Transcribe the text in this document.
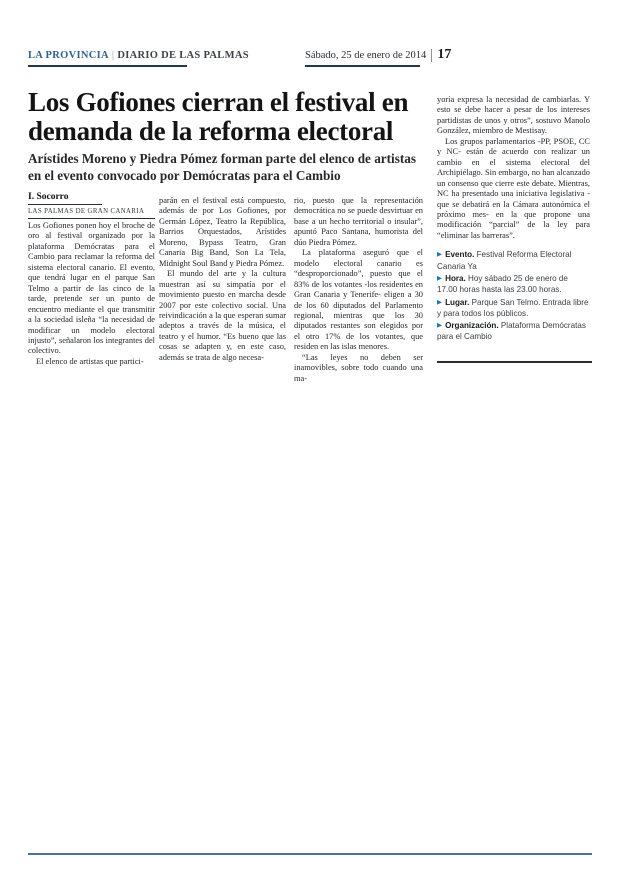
LA PROVINCIA | DIARIO DE LAS PALMAS	Sábado, 25 de enero de 2014 17
Los Gofiones cierran el festival en
demanda de la reforma electoral
Arístides Moreno y Piedra Pómez forman parte del elenco de artistas
en el evento convocado por Demócratas para el Cambio
I. Socorro
LAS PALMAS DE GRAN CANARIA

Los Gofiones ponen hoy el broche de oro al festival organizado por la plataforma Demócratas para el Cambio para reclamar la reforma del sistema electoral canario. El evento, que tendrá lugar en el parque San Telmo a partir de las cinco de la tarde, pretende ser un punto de encuentro mediante el que transmitir a la sociedad isleña “la necesidad de modificar un modelo electoral injusto”, señalaron los integrantes del colectivo.

El elenco de artistas que partici-

parán en el festival está compuesto, además de por Los Gofiones, por Germán López, Teatro la República, Barrios Orquestados, Arístides Moreno, Bypass Teatro, Gran Canaria Big Band, Son La Tela, Midnight Soul Band y Piedra Pómez.

El mundo del arte y la cultura muestran así su simpatía por el movimiento puesto en marcha desde 2007 por este colectivo social. Una reivindicación a la que esperan sumar adeptos a través de la música, el teatro y el humor. “Es bueno que las cosas se adapten y, en este caso, además se trata de algo necesa-

rio, puesto que la representación democrática no se puede desvirtuar en base a un hecho territorial o insular”, apuntó Paco Santana, humorista del dúo Piedra Pómez.

La plataforma aseguró que el modelo electoral canario es “desproporcionado”, puesto que el 83% de los votantes -los residentes en Gran Canaria y Tenerife- eligen a 30 de los 60 diputados del Parlamento regional, mientras que los 30 diputados restantes son elegidos por el otro 17% de los votantes, que residen en las islas menores.

“Las leyes no deben ser inamovibles, sobre todo cuando una ma-

yoría expresa la necesidad de cambiarlas. Y esto se debe hacer a pesar de los intereses partidistas de unos y otros”, sostuvo Manolo González, miembro de Mestisay.

Los grupos parlamentarios -PP, PSOE, CC y NC- están de acuerdo con realizar un cambio en el sistema electoral del Archipiélago. Sin embargo, no han alcanzado un consenso que cierre este debate. Mientras, NC ha presentado una iniciativa legislativa -que se debatirá en la Cámara autonómica el próximo mes- en la que propone una modificación “parcial” de la ley para “eliminar las barreras”.

▶ Evento. Festival Reforma Electoral Canaria Ya

▶ Hora. Hoy sábado 25 de enero de 17.00 horas hasta las 23.00 horas.

▶ Lugar. Parque San Telmo. Entrada libre y para todos los públicos.

▶ Organización. Plataforma Demócratas para el Cambio
